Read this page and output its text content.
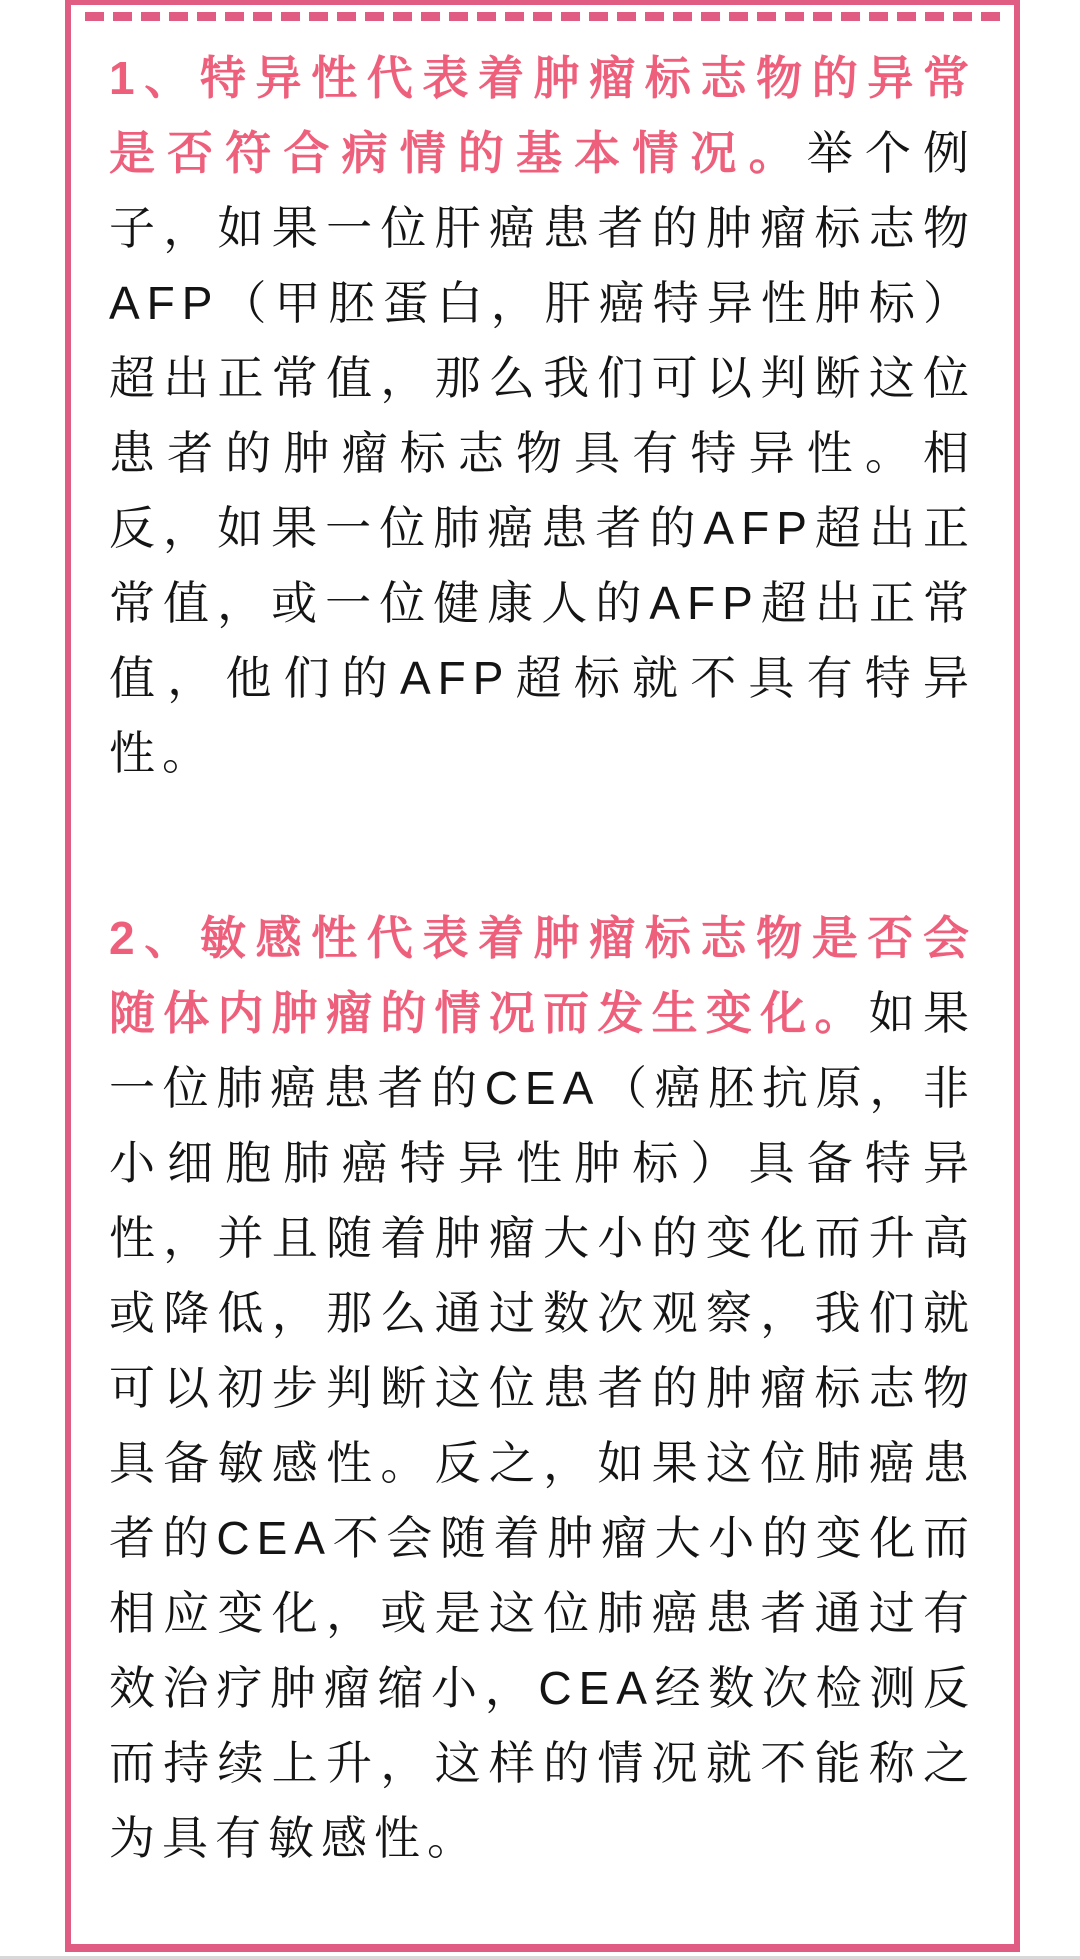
1、特异性代表着肿瘤标志物的异常是否符合病情的基本情况。举个例子，如果一位肝癌患者的肿瘤标志物AFP（甲胚蛋白，肝癌特异性肿标）超出正常值，那么我们可以判断这位患者的肿瘤标志物具有特异性。相反，如果一位肺癌患者的AFP超出正常值，或一位健康人的AFP超出正常值，他们的AFP超标就不具有特异性。

2、敏感性代表着肿瘤标志物是否会随体内肿瘤的情况而发生变化。如果一位肺癌患者的CEA（癌胚抗原，非小细胞肺癌特异性肿标）具备特异性，并且随着肿瘤大小的变化而升高或降低，那么通过数次观察，我们就可以初步判断这位患者的肿瘤标志物具备敏感性。反之，如果这位肺癌患者的CEA不会随着肿瘤大小的变化而相应变化，或是这位肺癌患者通过有效治疗肿瘤缩小，CEA经数次检测反而持续上升，这样的情况就不能称之为具有敏感性。
